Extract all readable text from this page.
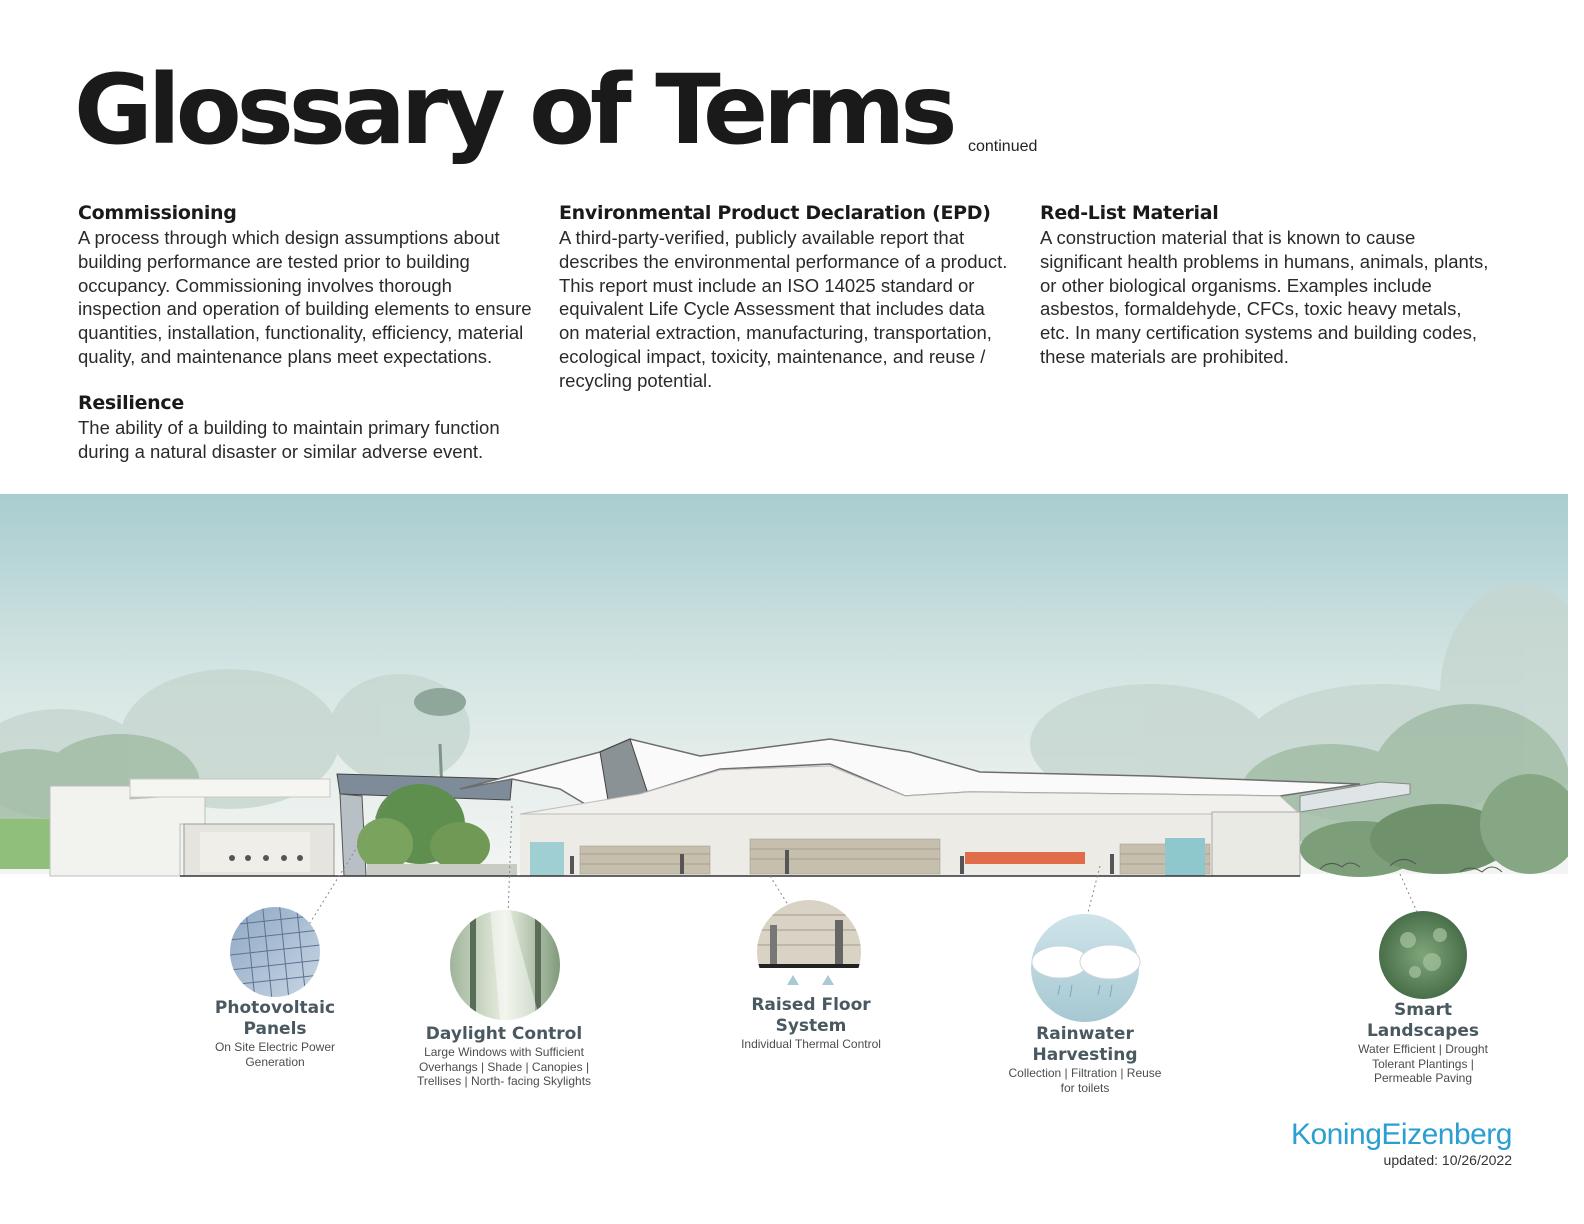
Glossary of Terms continued
Commissioning

A process through which design assumptions about building performance are tested prior to building occupancy. Commissioning involves thorough inspection and operation of building elements to ensure quantities, installation, functionality, efficiency, material quality, and maintenance plans meet expectations.

Resilience

The ability of a building to maintain primary function during a natural disaster or similar adverse event.

Environmental Product Declaration (EPD)

A third-party-verified, publicly available report that describes the environmental performance of a product. This report must include an ISO 14025 standard or equivalent Life Cycle Assessment that includes data on material extraction, manufacturing, transportation, ecological impact, toxicity, maintenance, and reuse / recycling potential.

Red-List Material

A construction material that is known to cause significant health problems in humans, animals, plants, or other biological organisms. Examples include asbestos, formaldehyde, CFCs, toxic heavy metals, etc. In many certification systems and building codes, these materials are prohibited.

Photovoltaic
Panels
On Site Electric Power
Generation
Daylight Control
Large Windows with Sufficient
Overhangs | Shade | Canopies |
Trellises | North- facing Skylights
Raised Floor
System
Individual Thermal Control	Rainwater
Harvesting
Collection | Filtration | Reuse
for toilets
Smart
Landscapes
Water Efficient | Drought
Tolerant Plantings |
Permeable Paving
KoningEizenberg
updated: 10/26/2022
